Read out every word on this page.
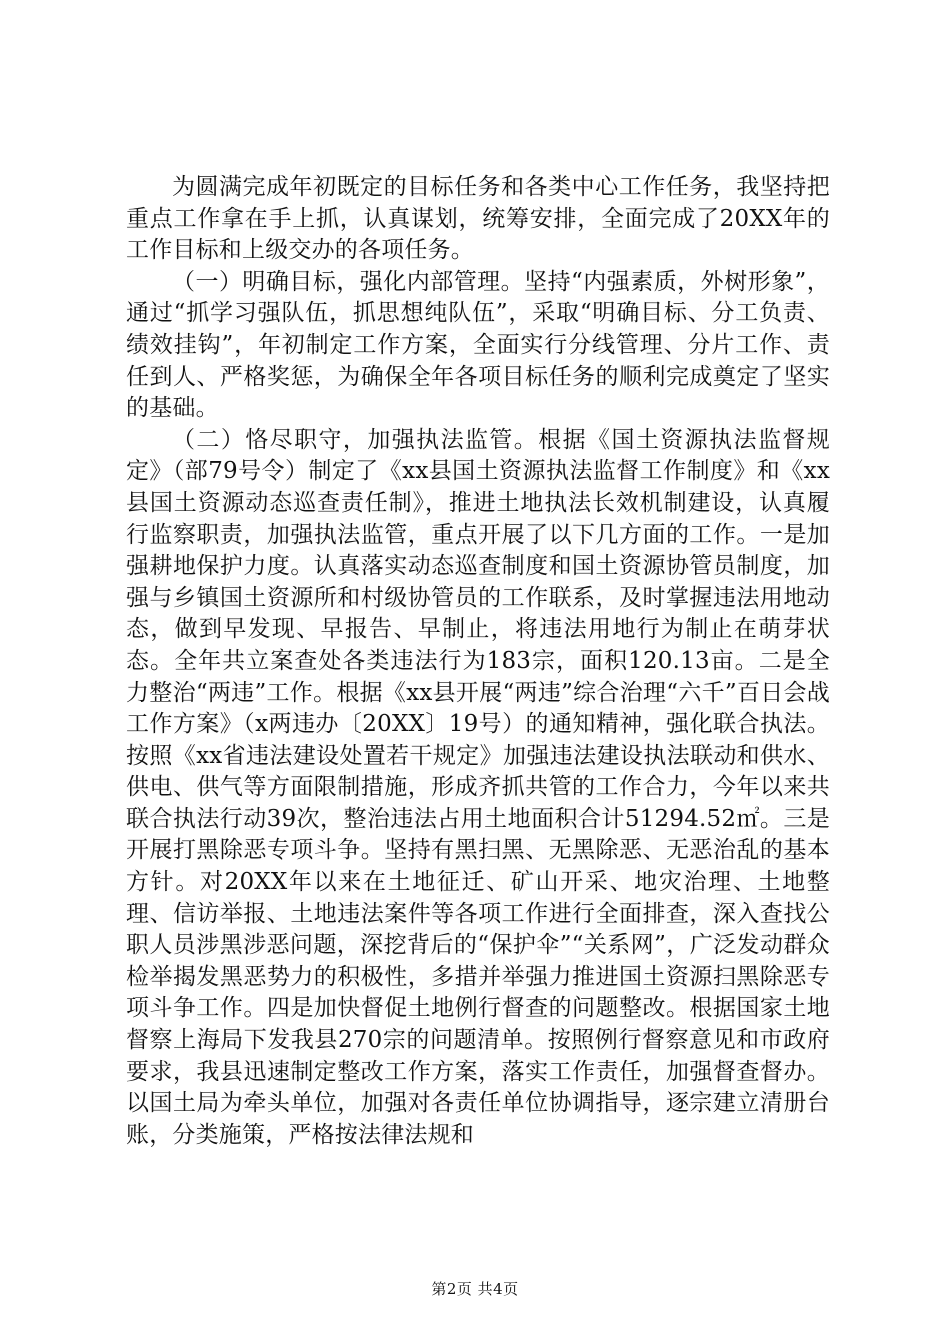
为圆满完成年初既定的目标任务和各类中心工作任务，我坚持把重点工作拿在手上抓，认真谋划，统筹安排，全面完成了20XX年的工作目标和上级交办的各项任务。

（一）明确目标，强化内部管理。坚持“内强素质，外树形象”，通过“抓学习强队伍，抓思想纯队伍”，采取“明确目标、分工负责、绩效挂钩”，年初制定工作方案，全面实行分线管理、分片工作、责任到人、严格奖惩，为确保全年各项目标任务的顺利完成奠定了坚实的基础。

（二）恪尽职守，加强执法监管。根据《国土资源执法监督规定》（部79号令）制定了《xx县国土资源执法监督工作制度》和《xx县国土资源动态巡查责任制》，推进土地执法长效机制建设，认真履行监察职责，加强执法监管，重点开展了以下几方面的工作。一是加强耕地保护力度。认真落实动态巡查制度和国土资源协管员制度，加强与乡镇国土资源所和村级协管员的工作联系，及时掌握违法用地动态，做到早发现、早报告、早制止，将违法用地行为制止在萌芽状态。全年共立案查处各类违法行为183宗，面积120.13亩。二是全力整治“两违”工作。根据《xx县开展“两违”综合治理“六千”百日会战工作方案》（x两违办〔20XX〕19号）的通知精神，强化联合执法。按照《xx省违法建设处置若干规定》加强违法建设执法联动和供水、供电、供气等方面限制措施，形成齐抓共管的工作合力，今年以来共联合执法行动39次，整治违法占用土地面积合计51294.52㎡。三是开展打黑除恶专项斗争。坚持有黑扫黑、无黑除恶、无恶治乱的基本方针。对20XX年以来在土地征迁、矿山开采、地灾治理、土地整理、信访举报、土地违法案件等各项工作进行全面排查，深入查找公职人员涉黑涉恶问题，深挖背后的“保护伞”“关系网”，广泛发动群众检举揭发黑恶势力的积极性，多措并举强力推进国土资源扫黑除恶专项斗争工作。四是加快督促土地例行督查的问题整改。根据国家土地督察上海局下发我县270宗的问题清单。按照例行督察意见和市政府要求，我县迅速制定整改工作方案，落实工作责任，加强督查督办。以国土局为牵头单位，加强对各责任单位协调指导，逐宗建立清册台账，分类施策，严格按法律法规和

第2页 共4页
